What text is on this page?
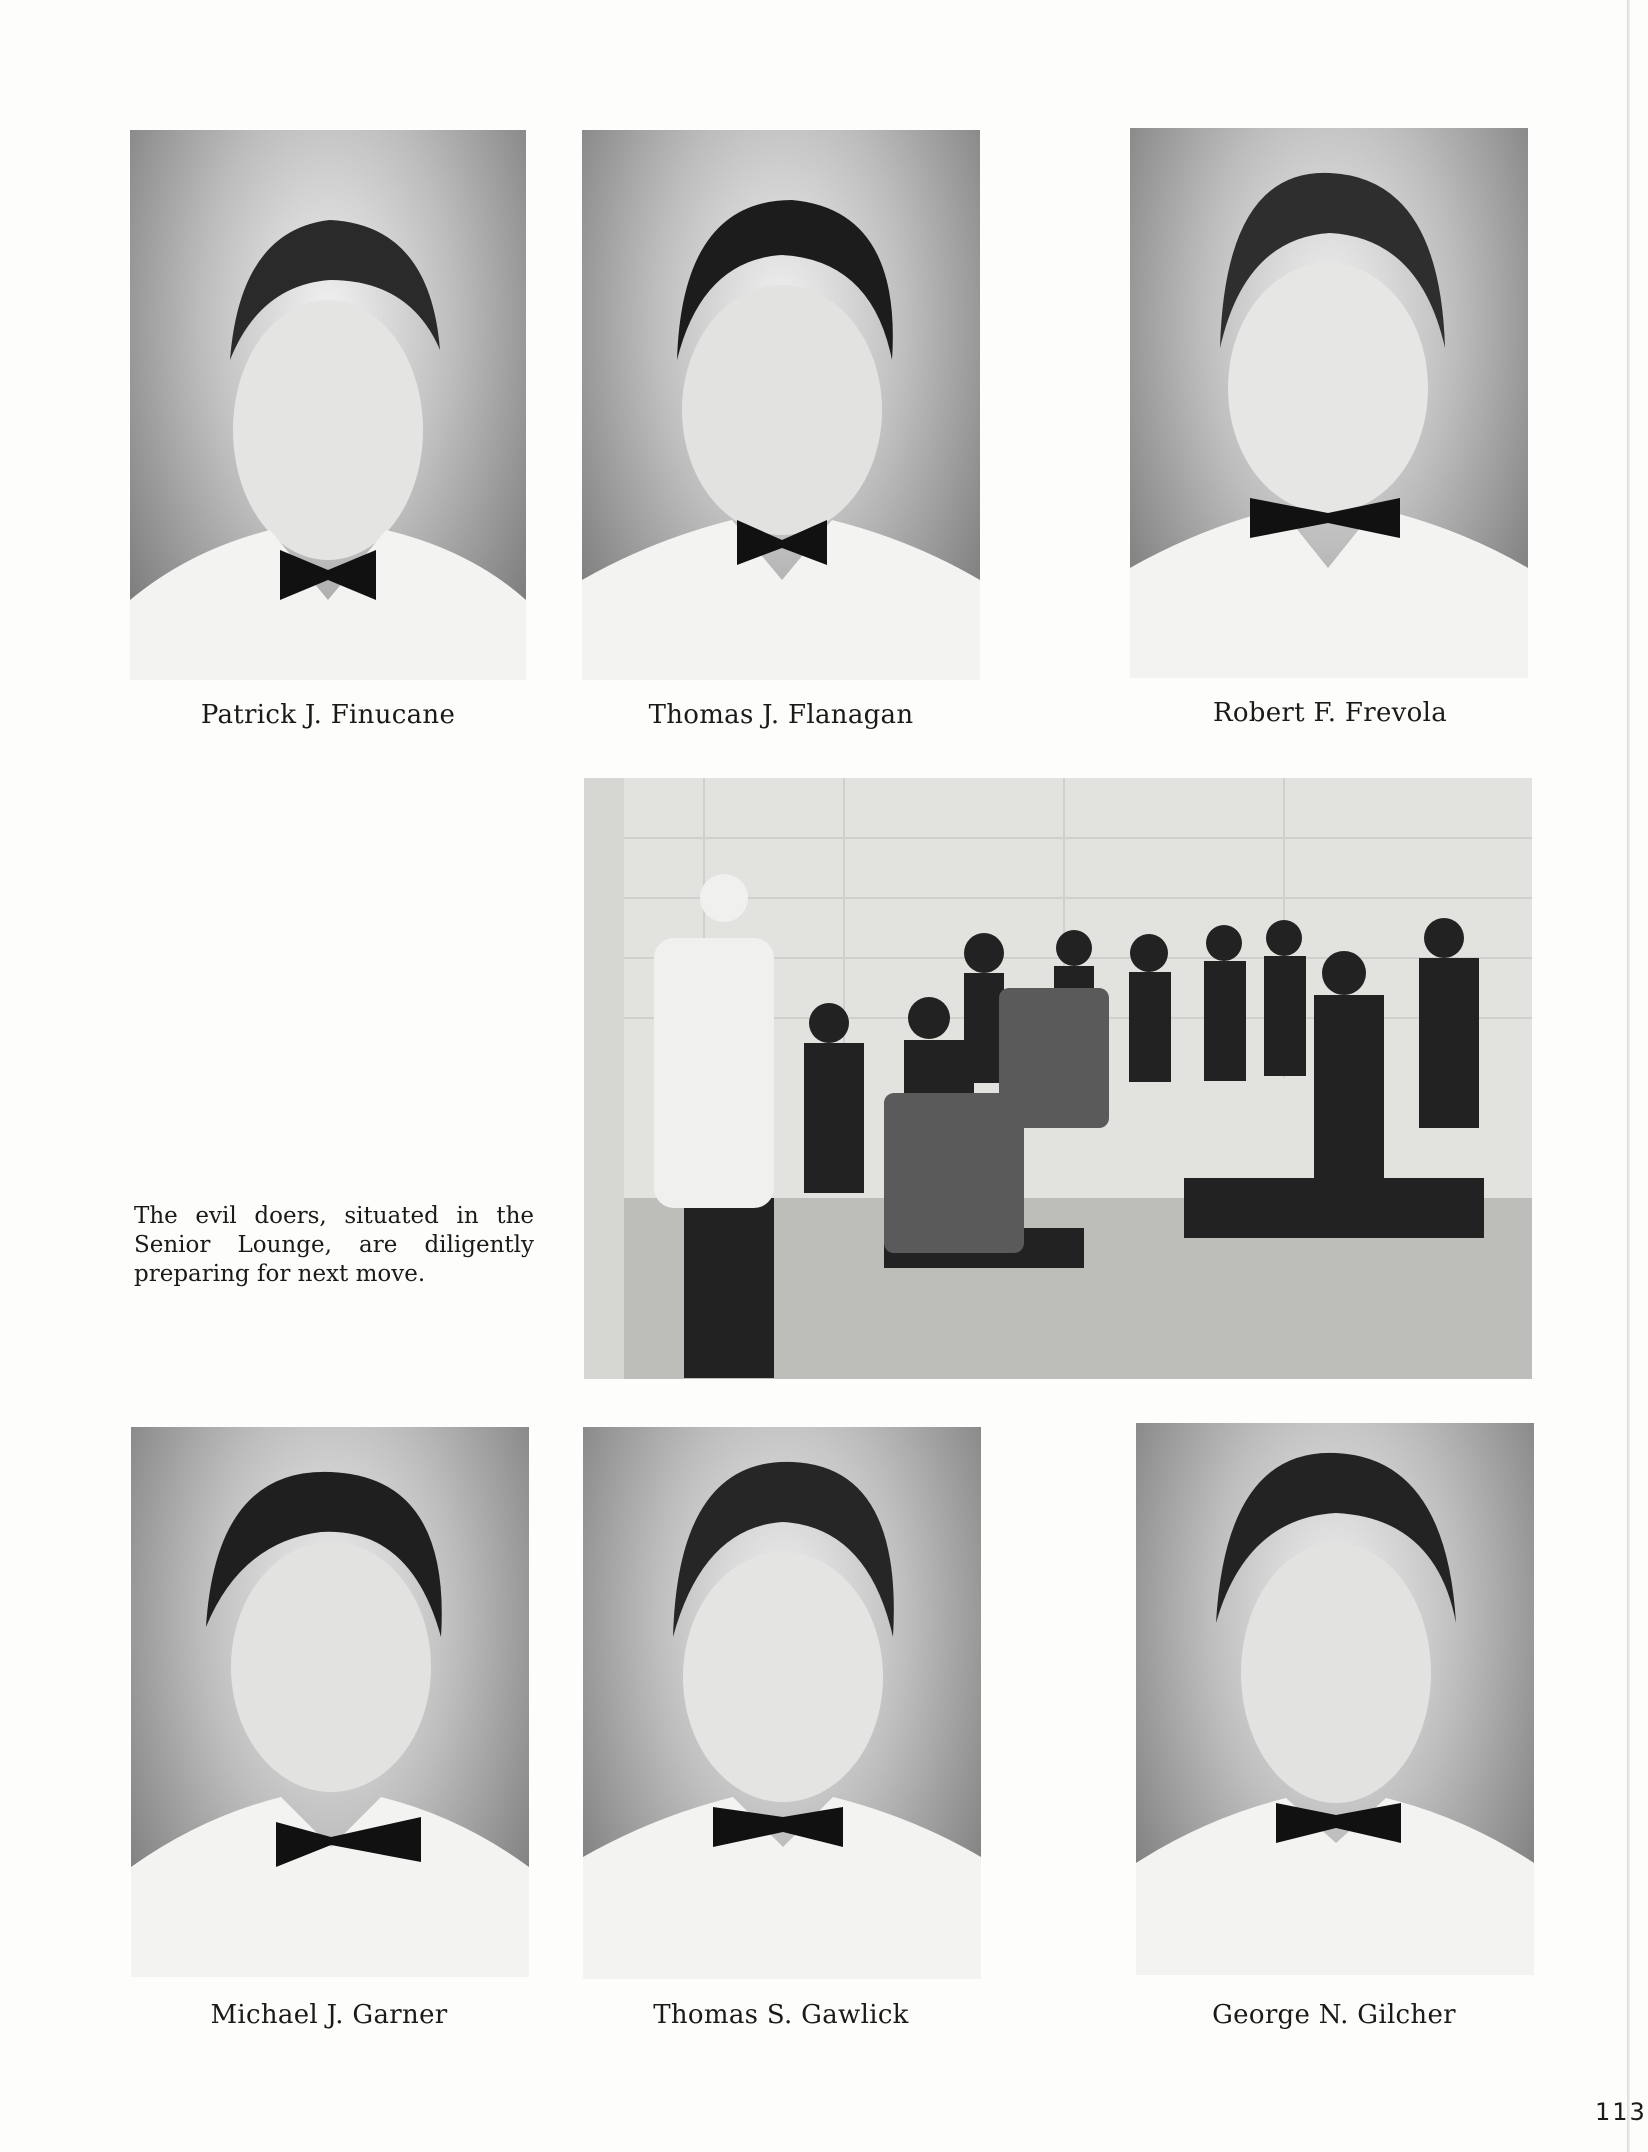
Patrick J. Finucane	Thomas J. Flanagan	Robert F. Frevola
The evil doers, situated in the Senior Lounge, are diligently preparing for next move.
Michael J. Garner	Thomas S. Gawlick	George N. Gilcher
113
